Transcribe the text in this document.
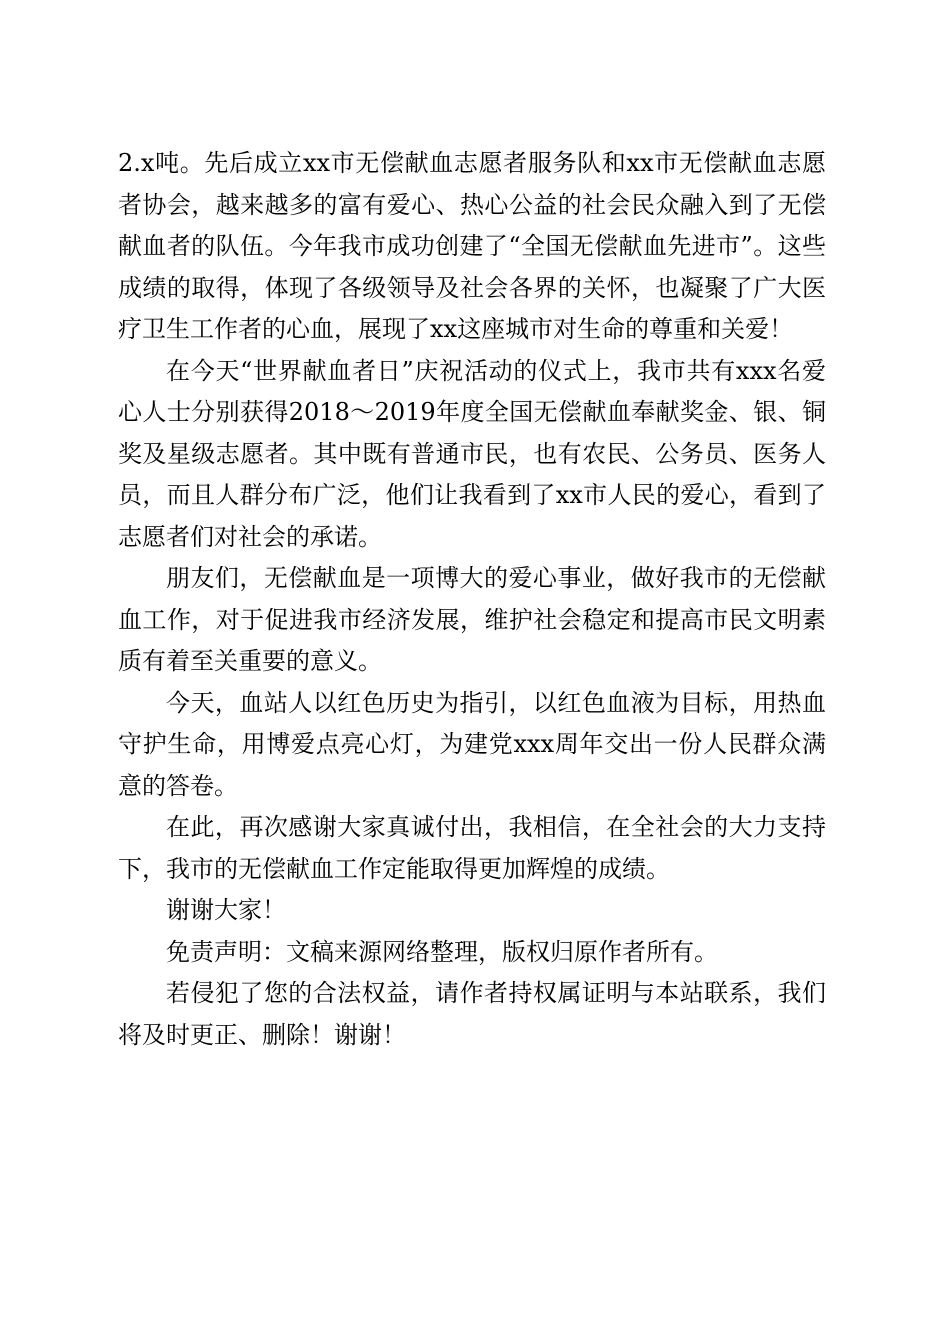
2.x吨。先后成立xx市无偿献血志愿者服务队和xx市无偿献血志愿者协会，越来越多的富有爱心、热心公益的社会民众融入到了无偿献血者的队伍。今年我市成功创建了“全国无偿献血先进市”。这些成绩的取得，体现了各级领导及社会各界的关怀，也凝聚了广大医疗卫生工作者的心血，展现了xx这座城市对生命的尊重和关爱！

在今天“世界献血者日”庆祝活动的仪式上，我市共有xxx名爱心人士分别获得2018～2019年度全国无偿献血奉献奖金、银、铜奖及星级志愿者。其中既有普通市民，也有农民、公务员、医务人员，而且人群分布广泛，他们让我看到了xx市人民的爱心，看到了志愿者们对社会的承诺。

朋友们，无偿献血是一项博大的爱心事业，做好我市的无偿献血工作，对于促进我市经济发展，维护社会稳定和提高市民文明素质有着至关重要的意义。

今天，血站人以红色历史为指引，以红色血液为目标，用热血守护生命，用博爱点亮心灯，为建党xxx周年交出一份人民群众满意的答卷。

在此，再次感谢大家真诚付出，我相信，在全社会的大力支持下，我市的无偿献血工作定能取得更加辉煌的成绩。

谢谢大家！

免责声明：文稿来源网络整理，版权归原作者所有。

若侵犯了您的合法权益，请作者持权属证明与本站联系，我们将及时更正、删除！谢谢！
